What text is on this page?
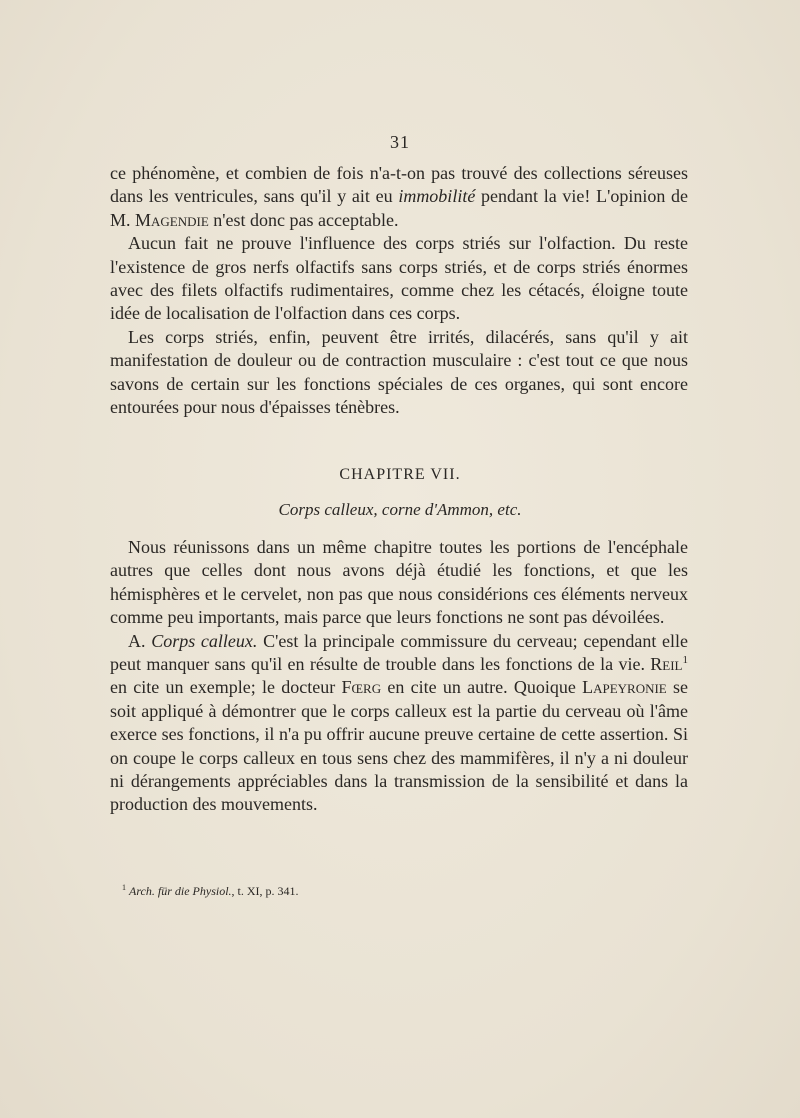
31

ce phénomène, et combien de fois n'a-t-on pas trouvé des collections séreuses dans les ventricules, sans qu'il y ait eu immobilité pendant la vie! L'opinion de M. Magendie n'est donc pas acceptable.

Aucun fait ne prouve l'influence des corps striés sur l'olfaction. Du reste l'existence de gros nerfs olfactifs sans corps striés, et de corps striés énormes avec des filets olfactifs rudimentaires, comme chez les cétacés, éloigne toute idée de localisation de l'olfaction dans ces corps.

Les corps striés, enfin, peuvent être irrités, dilacérés, sans qu'il y ait manifestation de douleur ou de contraction musculaire : c'est tout ce que nous savons de certain sur les fonctions spéciales de ces organes, qui sont encore entourées pour nous d'épaisses ténèbres.

CHAPITRE VII.
Corps calleux, corne d'Ammon, etc.

Nous réunissons dans un même chapitre toutes les portions de l'encéphale autres que celles dont nous avons déjà étudié les fonctions, et que les hémisphères et le cervelet, non pas que nous considérions ces éléments nerveux comme peu importants, mais parce que leurs fonctions ne sont pas dévoilées.

A. Corps calleux. C'est la principale commissure du cerveau; cependant elle peut manquer sans qu'il en résulte de trouble dans les fonctions de la vie. Reil$^1$ en cite un exemple; le docteur Fœrg en cite un autre. Quoique Lapeyronie se soit appliqué à démontrer que le corps calleux est la partie du cerveau où l'âme exerce ses fonctions, il n'a pu offrir aucune preuve certaine de cette assertion. Si on coupe le corps calleux en tous sens chez des mammifères, il n'y a ni douleur ni dérangements appréciables dans la transmission de la sensibilité et dans la production des mouvements.

$^1$ Arch. für die Physiol., t. XI, p. 341.
